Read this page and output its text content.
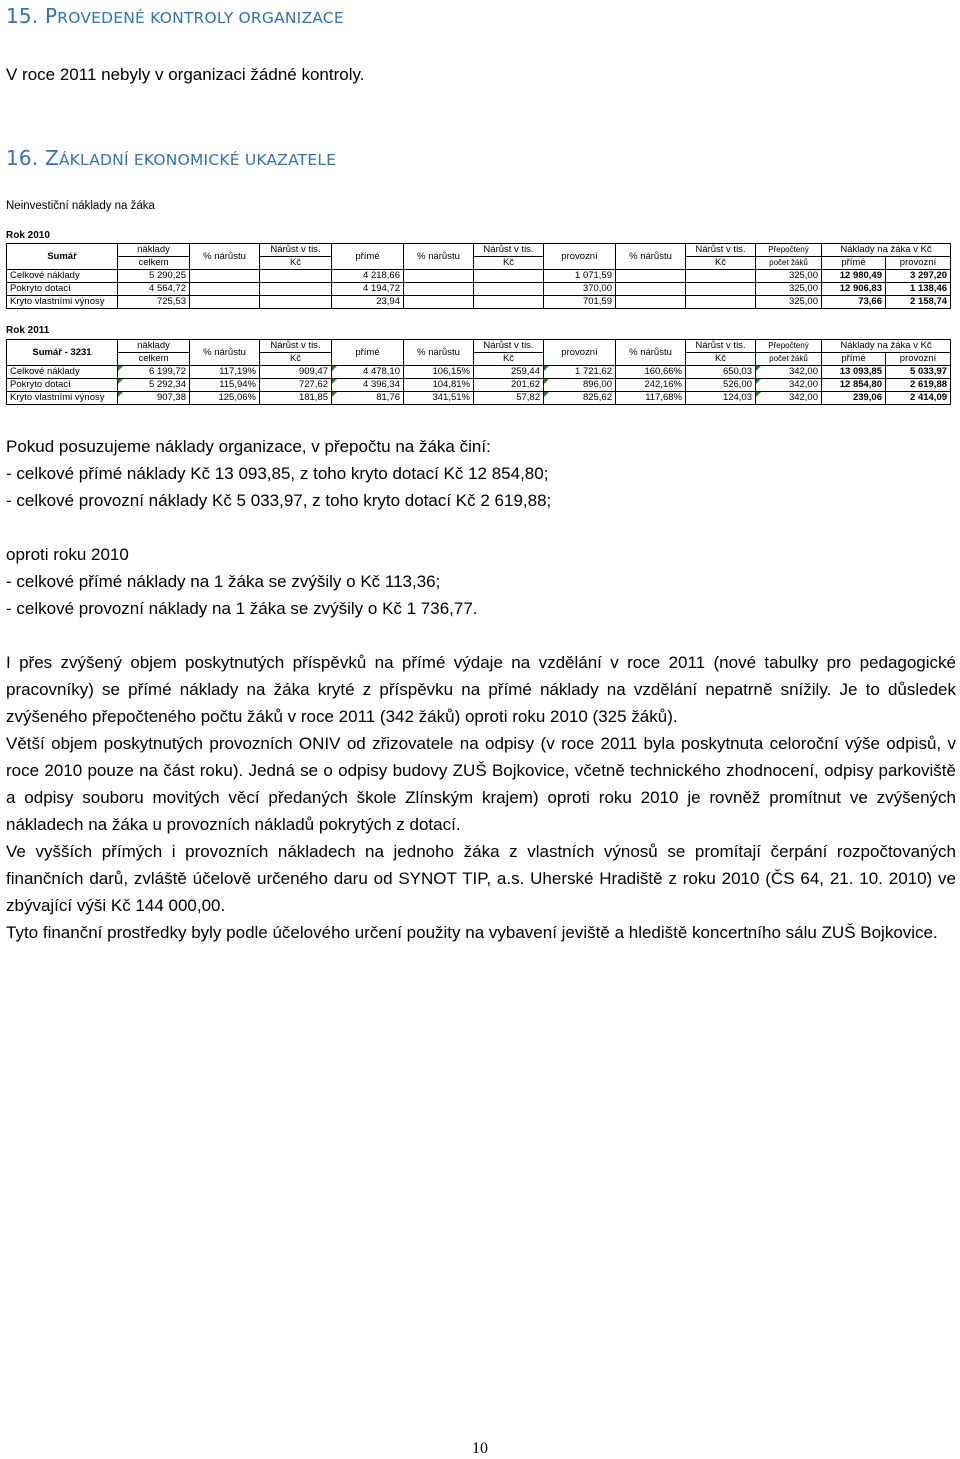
15. PROVEDENÉ KONTROLY ORGANIZACE

V roce 2011 nebyly v organizaci žádné kontroly.

16. ZÁKLADNÍ EKONOMICKÉ UKAZATELE

Neinvestiční náklady na žáka

Rok 2010

Sumář	náklady	% nárůstu	Nárůst v tis.	přímé	% nárůstu	Nárůst v tis.	provozní	% nárůstu	Nárůst v tis.	Přepočtený	Náklady na žáka v Kč	
	celkem		Kč			Kč			Kč	počet žáků	přímé	provozní
Celkové náklady	5 290,25			4 218,66			1 071,59			325,00	12 980,49	3 297,20
Pokryto dotací	4 564,72			4 194,72			370,00			325,00	12 906,83	1 138,46
Kryto vlastními výnosy	725,53			23,94			701,59			325,00	73,66	2 158,74

Rok 2011

Sumář - 3231	náklady	% nárůstu	Nárůst v tis.	přímé	% nárůstu	Nárůst v tis.	provozní	% nárůstu	Nárůst v tis.	Přepočtený	Náklady na žáka v Kč	
	celkem		Kč			Kč			Kč	počet žáků	přímé	provozní
Celkové náklady	6 199,72	117,19%	909,47	4 478,10	106,15%	259,44	1 721,62	160,66%	650,03	342,00	13 093,85	5 033,97
Pokryto dotací	5 292,34	115,94%	727,62	4 396,34	104,81%	201,62	896,00	242,16%	526,00	342,00	12 854,80	2 619,88
Kryto vlastními výnosy	907,38	125,06%	181,85	81,76	341,51%	57,82	825,62	117,68%	124,03	342,00	239,06	2 414,09

Pokud posuzujeme náklady organizace, v přepočtu na žáka činí:

- celkové přímé náklady Kč 13 093,85, z toho kryto dotací Kč 12 854,80;

- celkové provozní náklady Kč 5 033,97, z toho kryto dotací Kč 2 619,88;

oproti roku 2010

- celkové přímé náklady na 1 žáka se zvýšily o Kč 113,36;

- celkové provozní náklady na 1 žáka se zvýšily o Kč 1 736,77.

I přes zvýšený objem poskytnutých příspěvků na přímé výdaje na vzdělání v roce 2011 (nové tabulky pro pedagogické pracovníky) se přímé náklady na žáka kryté z příspěvku na přímé náklady na vzdělání nepatrně snížily. Je to důsledek zvýšeného přepočteného počtu žáků v roce 2011 (342 žáků) oproti roku 2010 (325 žáků).
Větší objem poskytnutých provozních ONIV od zřizovatele na odpisy (v roce 2011 byla poskytnuta celoroční výše odpisů, v roce 2010 pouze na část roku). Jedná se o odpisy budovy ZUŠ Bojkovice, včetně technického zhodnocení, odpisy parkoviště a odpisy souboru movitých věcí předaných škole Zlínským krajem) oproti roku 2010 je rovněž promítnut ve zvýšených nákladech na žáka u provozních nákladů pokrytých z dotací.
Ve vyšších přímých i provozních nákladech na jednoho žáka z vlastních výnosů se promítají čerpání rozpočtovaných finančních darů, zvláště účelově určeného daru od SYNOT TIP, a.s. Uherské Hradiště z roku 2010 (ČS 64, 21. 10. 2010) ve zbývající výši Kč 144 000,00.
Tyto finanční prostředky byly podle účelového určení použity na vybavení jeviště a hlediště koncertního sálu ZUŠ Bojkovice.
10
